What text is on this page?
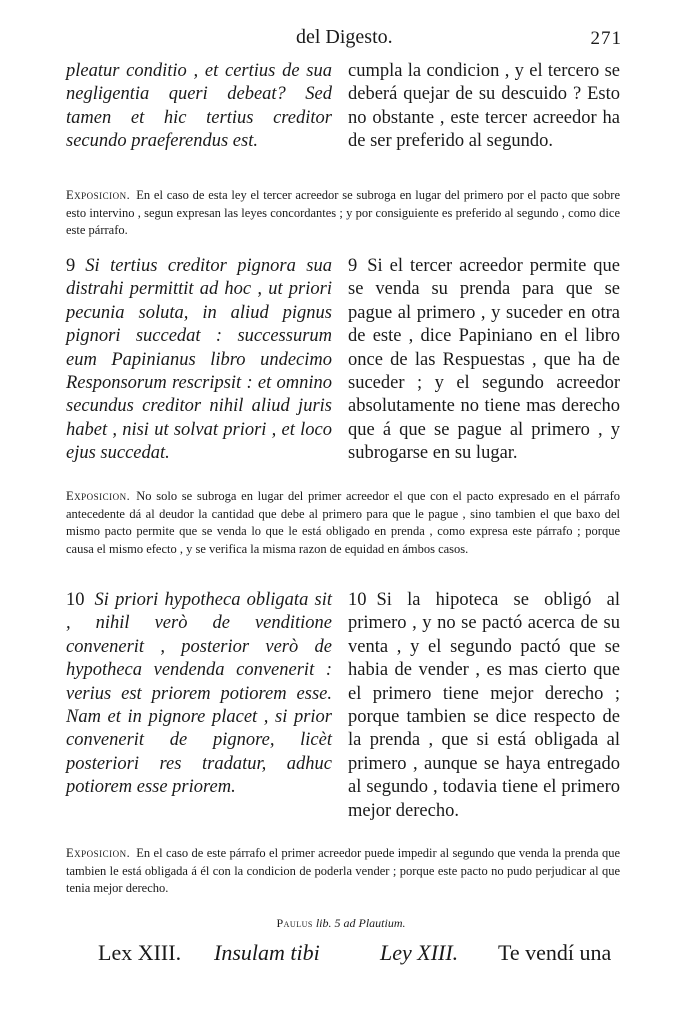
del Digesto.	271
pleatur conditio , et certius de sua negligentia queri debeat? Sed tamen et hic tertius creditor secundo praeferendus est.
cumpla la condicion , y el tercero se deberá quejar de su descuido ? Esto no obstante , este tercer acreedor ha de ser preferido al segundo.
Exposicion. En el caso de esta ley el tercer acreedor se subroga en lugar del primero por el pacto que sobre esto intervino , segun expresan las leyes concordantes ; y por consiguiente es preferido al segundo , como dice este párrafo.
9 Si tertius creditor pignora sua distrahi permittit ad hoc , ut priori pecunia soluta, in aliud pignus pignori succedat : successurum eum Papinianus libro undecimo Responsorum rescripsit : et omnino secundus creditor nihil aliud juris habet , nisi ut solvat priori , et loco ejus succedat.
9 Si el tercer acreedor permite que se venda su prenda para que se pague al primero , y suceder en otra de este , dice Papiniano en el libro once de las Respuestas , que ha de suceder ; y el segundo acreedor absolutamente no tiene mas derecho que á que se pague al primero , y subrogarse en su lugar.
Exposicion. No solo se subroga en lugar del primer acreedor el que con el pacto expresado en el párrafo antecedente dá al deudor la cantidad que debe al primero para que le pague , sino tambien el que baxo del mismo pacto permite que se venda lo que le está obligado en prenda , como expresa este párrafo ; porque causa el mismo efecto , y se verifica la misma razon de equidad en ámbos casos.
10 Si priori hypotheca obligata sit , nihil verò de venditione convenerit , posterior verò de hypotheca vendenda convenerit : verius est priorem potiorem esse. Nam et in pignore placet , si prior convenerit de pignore, licèt posteriori res tradatur, adhuc potiorem esse priorem.
10 Si la hipoteca se obligó al primero , y no se pactó acerca de su venta , y el segundo pactó que se habia de vender , es mas cierto que el primero tiene mejor derecho ; porque tambien se dice respecto de la prenda , que si está obligada al primero , aunque se haya entregado al segundo , todavia tiene el primero mejor derecho.
Exposicion. En el caso de este párrafo el primer acreedor puede impedir al segundo que venda la prenda que tambien le está obligada á él con la condicion de poderla vender ; porque este pacto no pudo perjudicar al que tenia mejor derecho.
Paulus lib. 5 ad Plautium.
Lex XIII. Insulam tibi	Ley XIII. Te vendí una
